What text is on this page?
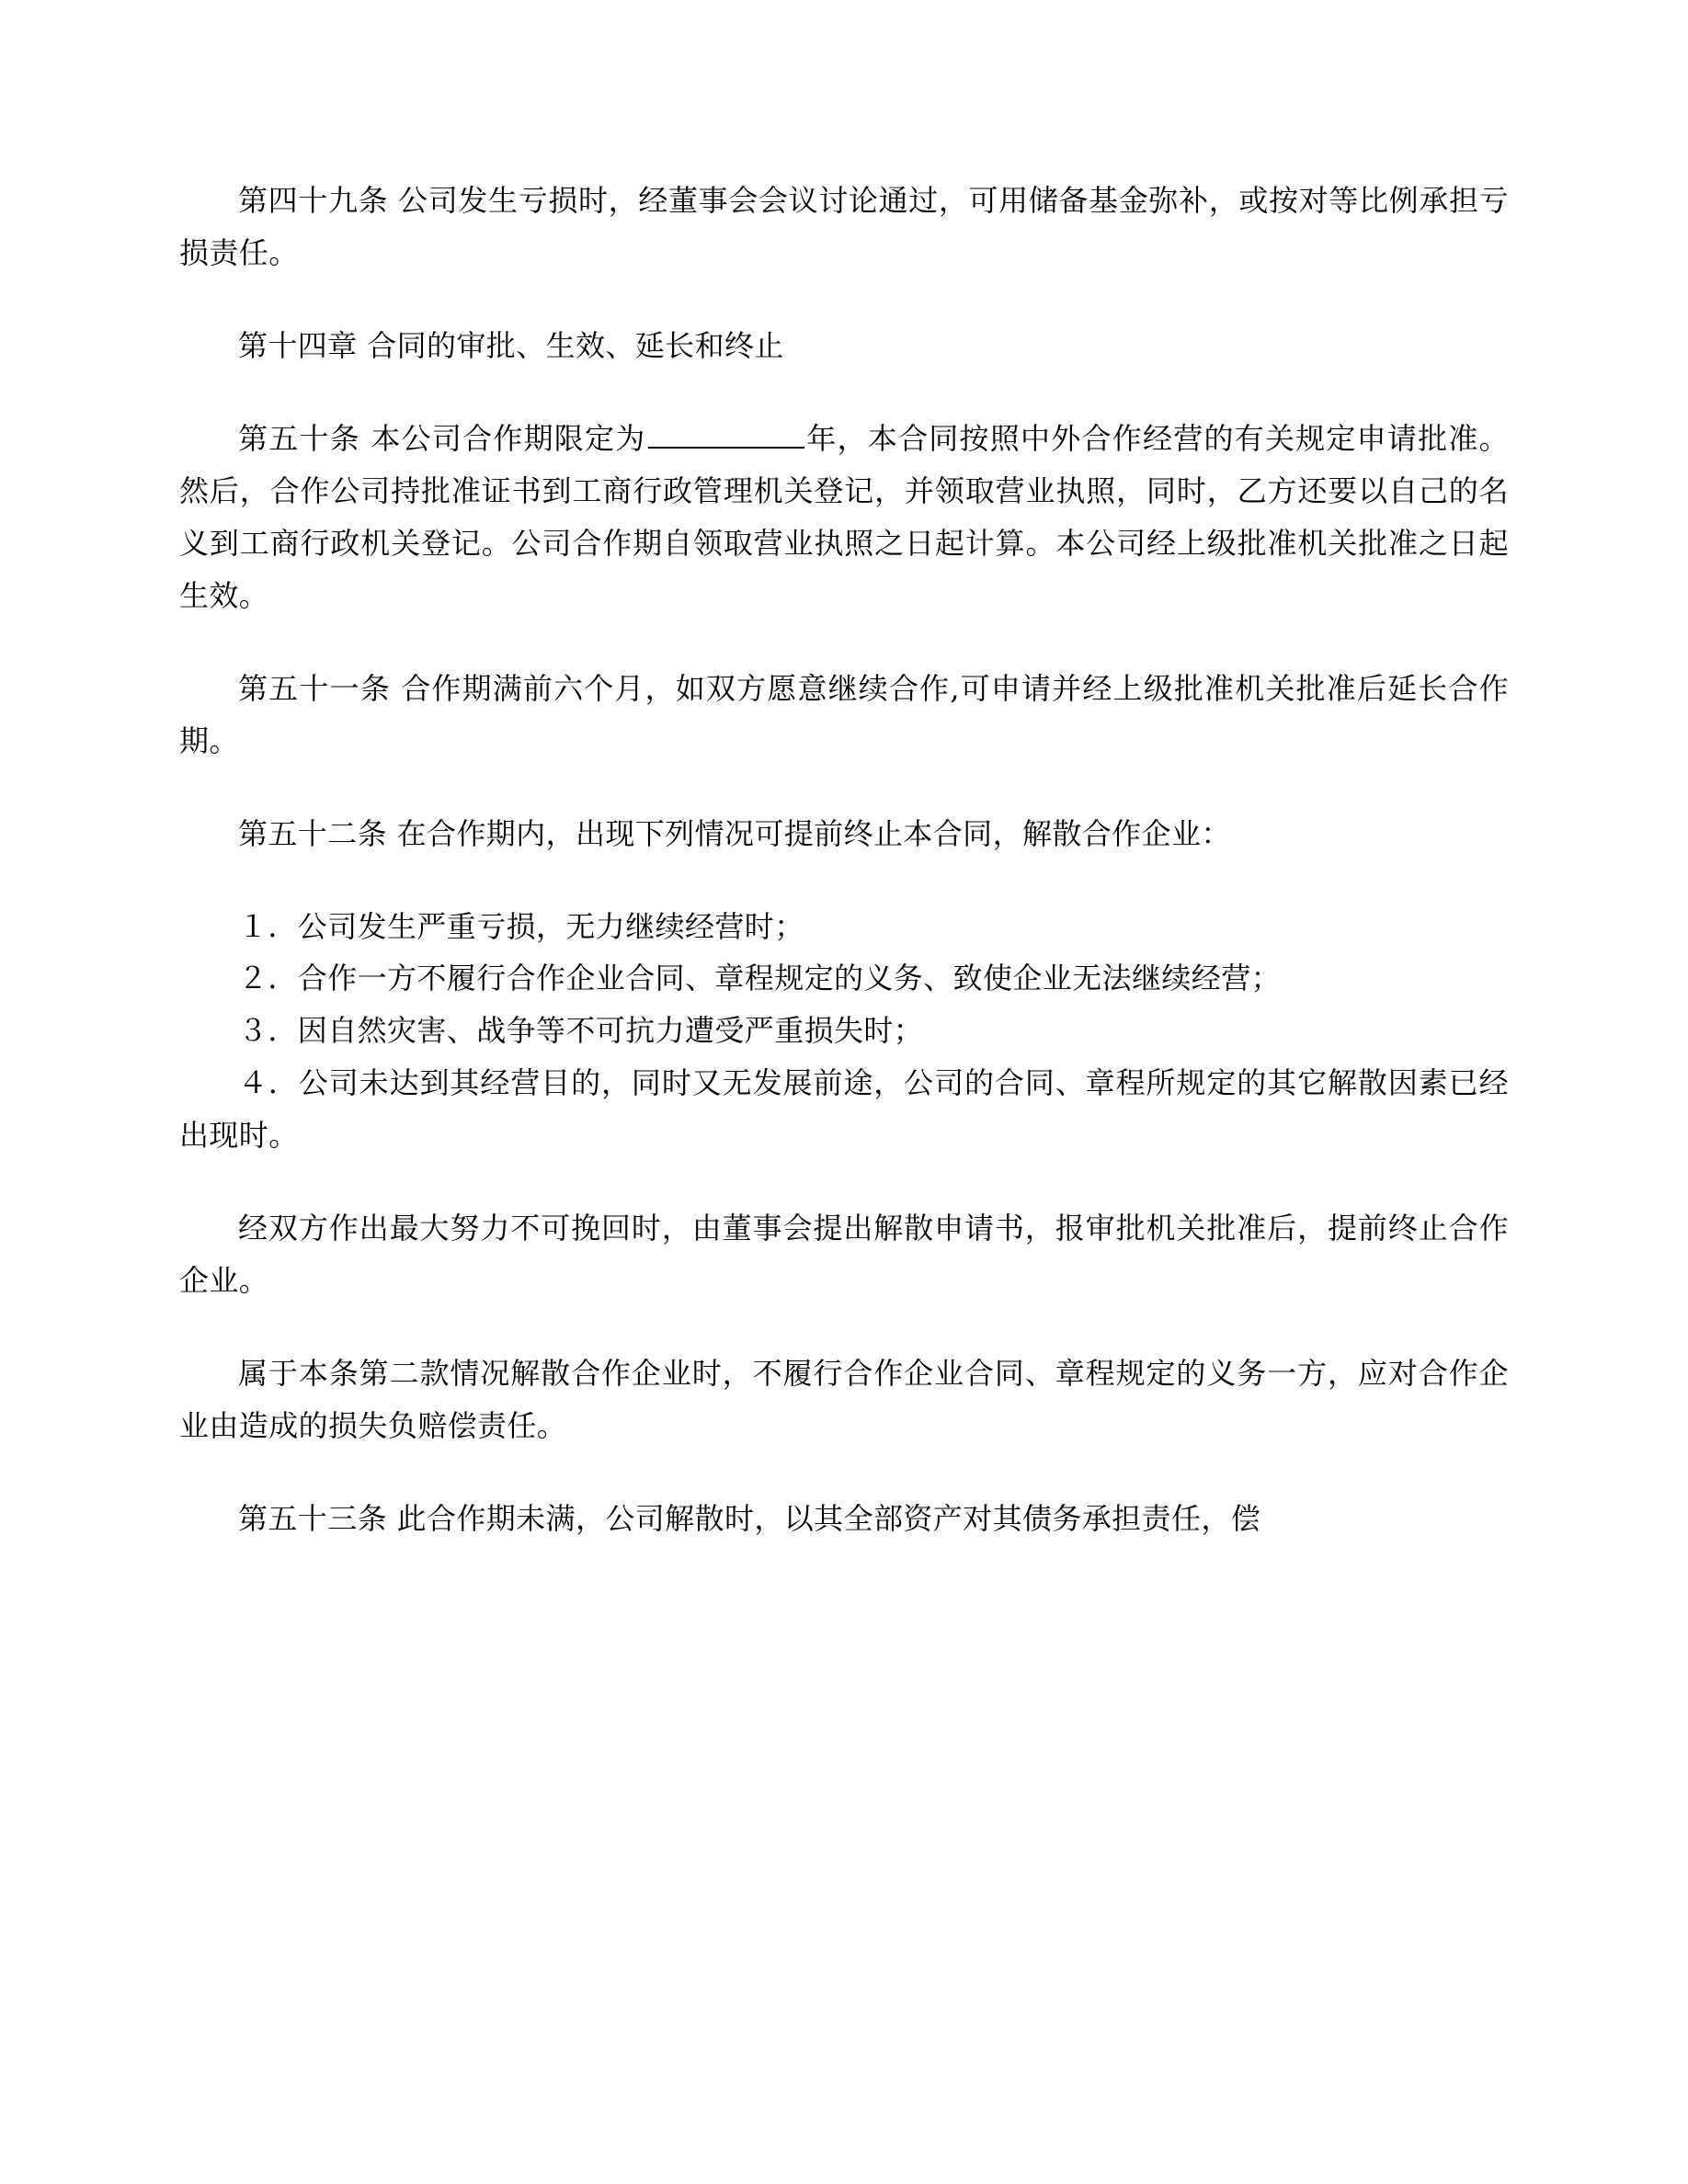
第四十九条 公司发生亏损时，经董事会会议讨论通过，可用储备基金弥补，或按对等比例承担亏损责任。

第十四章 合同的审批、生效、延长和终止

第五十条 本公司合作期限定为	年，本合同按照中外合作经营的有关规定申请批准。然后，合作公司持批准证书到工商行政管理机关登记，并领取营业执照，同时，乙方还要以自己的名义到工商行政机关登记。公司合作期自领取营业执照之日起计算。本公司经上级批准机关批准之日起生效。

第五十一条 合作期满前六个月，如双方愿意继续合作,可申请并经上级批准机关批准后延长合作期。

第五十二条 在合作期内，出现下列情况可提前终止本合同，解散合作企业：

１．公司发生严重亏损，无力继续经营时；

２．合作一方不履行合作企业合同、章程规定的义务、致使企业无法继续经营；

３．因自然灾害、战争等不可抗力遭受严重损失时；

４．公司未达到其经营目的，同时又无发展前途，公司的合同、章程所规定的其它解散因素已经出现时。

经双方作出最大努力不可挽回时，由董事会提出解散申请书，报审批机关批准后，提前终止合作企业。

属于本条第二款情况解散合作企业时，不履行合作企业合同、章程规定的义务一方，应对合作企业由造成的损失负赔偿责任。

第五十三条 此合作期未满，公司解散时，以其全部资产对其债务承担责任，偿
